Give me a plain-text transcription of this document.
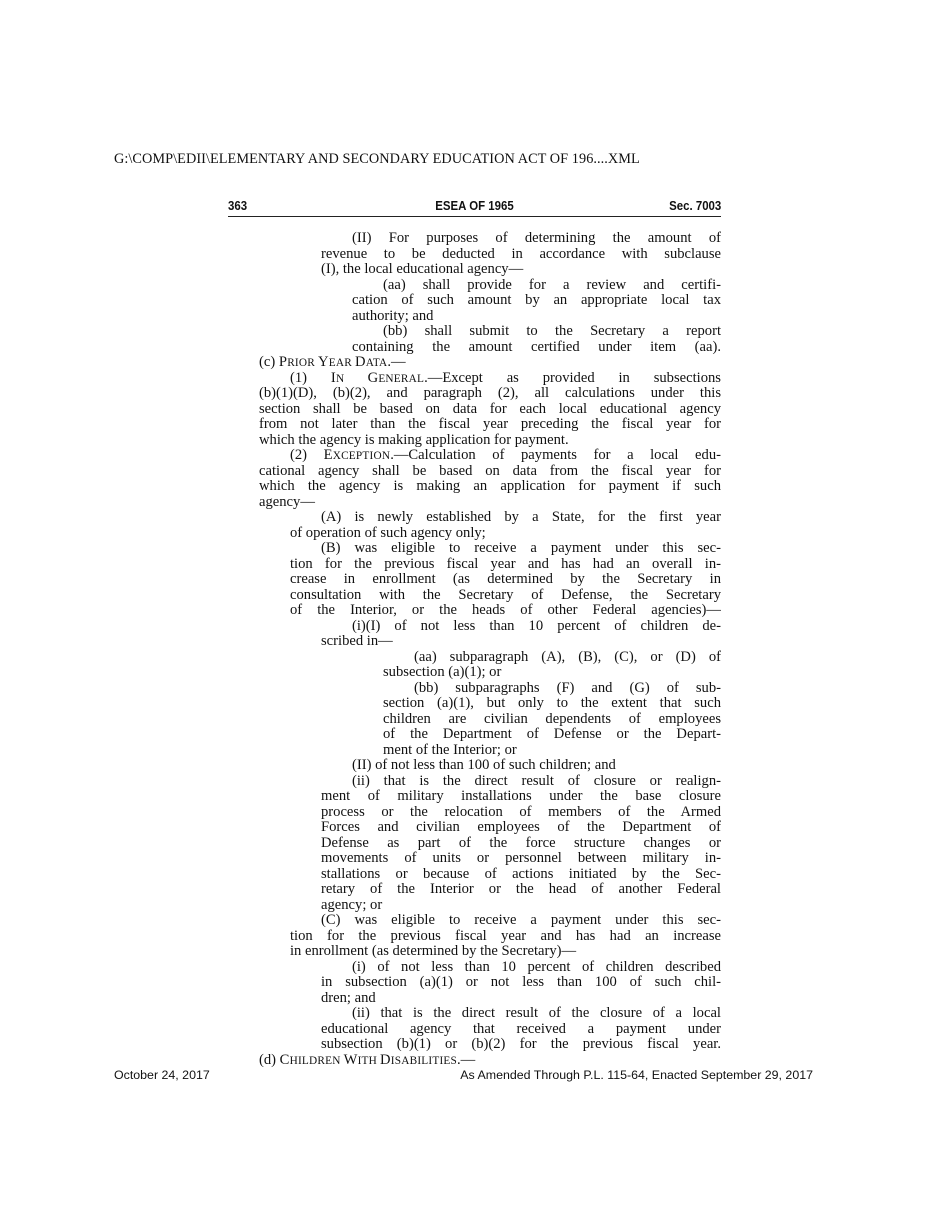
G:\COMP\EDII\ELEMENTARY AND SECONDARY EDUCATION ACT OF 196....XML
363	ESEA OF 1965	Sec. 7003
(II) For purposes of determining the amount of
revenue to be deducted in accordance with subclause
(I), the local educational agency—
(aa) shall provide for a review and certifi-
cation of such amount by an appropriate local tax
authority; and
(bb) shall submit to the Secretary a report
containing the amount certified under item (aa).
(c) PRIOR YEAR DATA.—
(1) IN GENERAL.—Except as provided in subsections
(b)(1)(D), (b)(2), and paragraph (2), all calculations under this
section shall be based on data for each local educational agency
from not later than the fiscal year preceding the fiscal year for
which the agency is making application for payment.
(2) EXCEPTION.—Calculation of payments for a local edu-
cational agency shall be based on data from the fiscal year for
which the agency is making an application for payment if such
agency—
(A) is newly established by a State, for the first year
of operation of such agency only;
(B) was eligible to receive a payment under this sec-
tion for the previous fiscal year and has had an overall in-
crease in enrollment (as determined by the Secretary in
consultation with the Secretary of Defense, the Secretary
of the Interior, or the heads of other Federal agencies)—
(i)(I) of not less than 10 percent of children de-
scribed in—
(aa) subparagraph (A), (B), (C), or (D) of
subsection (a)(1); or
(bb) subparagraphs (F) and (G) of sub-
section (a)(1), but only to the extent that such
children are civilian dependents of employees
of the Department of Defense or the Depart-
ment of the Interior; or
(II) of not less than 100 of such children; and
(ii) that is the direct result of closure or realign-
ment of military installations under the base closure
process or the relocation of members of the Armed
Forces and civilian employees of the Department of
Defense as part of the force structure changes or
movements of units or personnel between military in-
stallations or because of actions initiated by the Sec-
retary of the Interior or the head of another Federal
agency; or
(C) was eligible to receive a payment under this sec-
tion for the previous fiscal year and has had an increase
in enrollment (as determined by the Secretary)—
(i) of not less than 10 percent of children described
in subsection (a)(1) or not less than 100 of such chil-
dren; and
(ii) that is the direct result of the closure of a local
educational agency that received a payment under
subsection (b)(1) or (b)(2) for the previous fiscal year.
(d) CHILDREN WITH DISABILITIES.—
October 24, 2017	As Amended Through P.L. 115-64, Enacted September 29, 2017
